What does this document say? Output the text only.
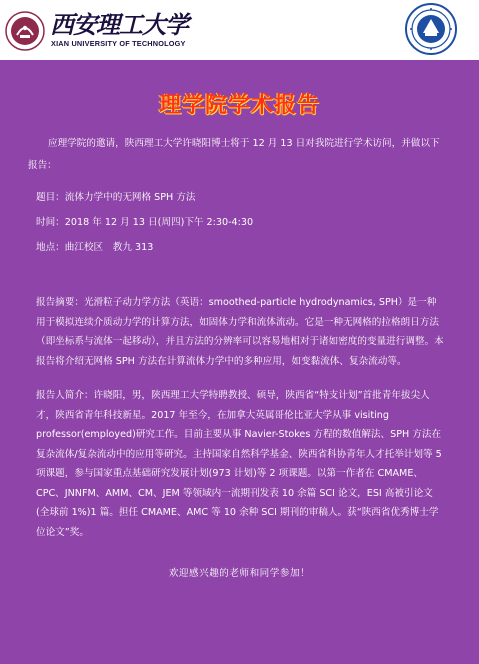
西安理工大学
XIAN UNIVERSITY OF TECHNOLOGY
理学院学术报告
应理学院的邀请，陕西理工大学许晓阳博士将于 12 月 13 日对我院进行学术访问，并做以下报告：
题目：流体力学中的无网格 SPH 方法
时间：2018 年 12 月 13 日(周四)下午 2:30-4:30
地点：曲江校区　教九 313
报告摘要：光滑粒子动力学方法（英语：smoothed-particle hydrodynamics, SPH）是一种用于模拟连续介质动力学的计算方法，如固体力学和流体流动。它是一种无网格的拉格朗日方法（即坐标系与流体一起移动），并且方法的分辨率可以容易地相对于诸如密度的变量进行调整。本报告将介绍无网格 SPH 方法在计算流体力学中的多种应用，如变黏流体、复杂流动等。
报告人简介：许晓阳，男，陕西理工大学特聘教授、硕导，陕西省“特支计划”首批青年拔尖人才，陕西省青年科技新星。2017 年至今，在加拿大英属哥伦比亚大学从事 visiting professor(employed)研究工作。目前主要从事 Navier-Stokes 方程的数值解法、SPH 方法在复杂流体/复杂流动中的应用等研究。主持国家自然科学基金、陕西省科协青年人才托举计划等 5 项课题，参与国家重点基础研究发展计划(973 计划)等 2 项课题。以第一作者在 CMAME、CPC、JNNFM、AMM、CM、JEM 等领域内一流期刊发表 10 余篇 SCI 论文，ESI 高被引论文(全球前 1%)1 篇。担任 CMAME、AMC 等 10 余种 SCI 期刊的审稿人。获“陕西省优秀博士学位论文”奖。
欢迎感兴趣的老师和同学参加！
